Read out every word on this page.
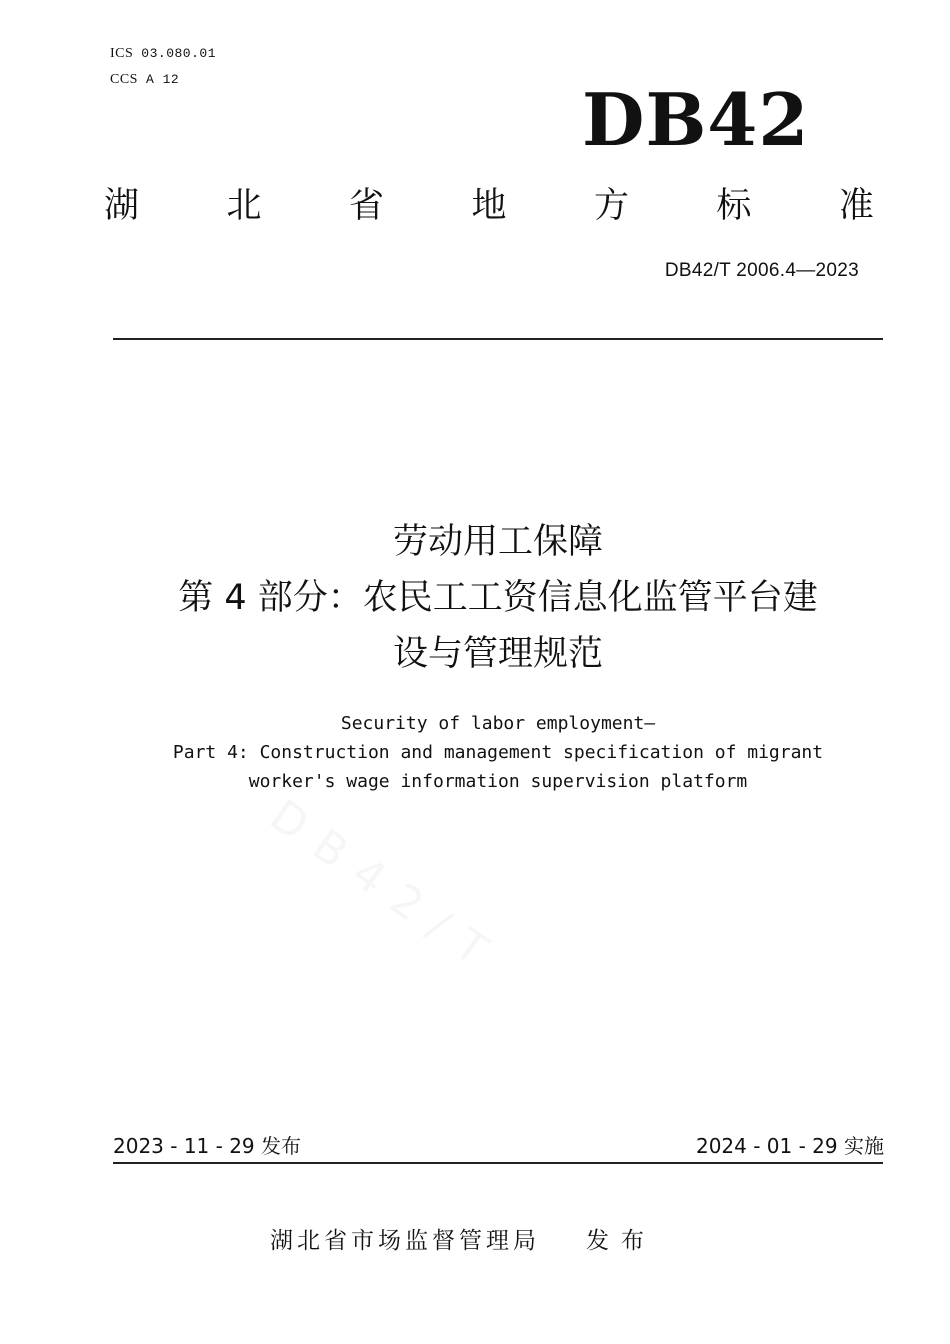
ICS 03.080.01
CCS A 12	DB42
湖 北 省 地 方 标 准
DB42/T 2006.4—2023
劳动用工保障
第 4 部分：农民工工资信息化监管平台建
设与管理规范
Security of labor employment—
Part 4: Construction and management specification of migrant
worker's wage information supervision platform
2023 - 11 - 29 发布	2024 - 01 - 29 实施
湖北省市场监督管理局 发布
